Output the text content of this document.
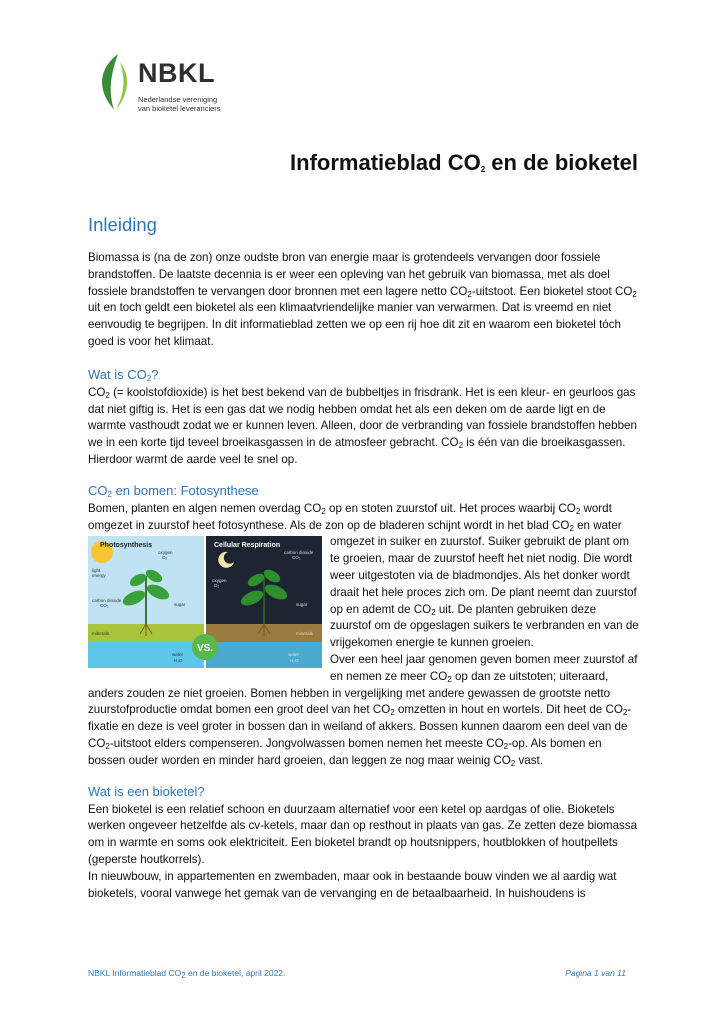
NBKL
Nederlandse vereniging
van bioketel leveranciers
Informatieblad $CO_2$ en de bioketel
Inleiding

Biomassa is (na de zon) onze oudste bron van energie maar is grotendeels vervangen door fossiele brandstoffen. De laatste decennia is er weer een opleving van het gebruik van biomassa, met als doel fossiele brandstoffen te vervangen door bronnen met een lagere netto $CO_2$-uitstoot. Een bioketel stoot $CO_2$ uit en toch geldt een bioketel als een klimaatvriendelijke manier van verwarmen. Dat is vreemd en niet eenvoudig te begrijpen. In dit informatieblad zetten we op een rij hoe dit zit en waarom een bioketel tóch goed is voor het klimaat.

Wat is $CO_2$?

$CO_2$ (= koolstofdioxide) is het best bekend van de bubbeltjes in frisdrank. Het is een kleur- en geurloos gas dat niet giftig is. Het is een gas dat we nodig hebben omdat het als een deken om de aarde ligt en de warmte vasthoudt zodat we er kunnen leven. Alleen, door de verbranding van fossiele brandstoffen hebben we in een korte tijd teveel broeikasgassen in de atmosfeer gebracht. $CO_2$ is één van die broeikasgassen. Hierdoor warmt de aarde veel te snel op.

$CO_2$ en bomen: Fotosynthese

Bomen, planten en algen nemen overdag $CO_2$ op en stoten zuurstof uit. Het proces waarbij $CO_2$ wordt omgezet in zuurstof heet fotosynthese. Als de zon op de bladeren schijnt wordt in het blad $CO_2$
VS.
Photosynthesis	Cellular Respiration
oxygen
O₂
light
energy
carbon dioxide
CO₂	sugar
minerals
water
H₂O
carbon dioxide
CO₂
oxygen
O₂
sugar
minerals
water
H₂O
en water omgezet in suiker en zuurstof. Suiker gebruikt de plant om te groeien, maar de zuurstof heeft het niet nodig. Die wordt weer uitgestoten via de bladmondjes. Als het donker wordt draait het hele proces zich om. De plant neemt dan zuurstof op en ademt de $CO_2$ uit. De planten gebruiken deze zuurstof om de opgeslagen suikers te verbranden en van de vrijgekomen energie te kunnen groeien.

Over een heel jaar genomen geven bomen meer zuurstof af en nemen ze meer $CO_2$ op dan ze uitstoten; uiteraard, anders zouden ze niet groeien. Bomen hebben in vergelijking met andere gewassen de grootste netto zuurstofproductie omdat bomen een groot deel van het $CO_2$ omzetten in hout en wortels. Dit heet de $CO_2$-fixatie en deze is veel groter in bossen dan in weiland of akkers. Bossen kunnen daarom een deel van de $CO_2$-uitstoot elders compenseren. Jongvolwassen bomen nemen het meeste $CO_2-op$. Als bomen en bossen ouder worden en minder hard groeien, dan leggen ze nog maar weinig $CO_2$ vast.

Wat is een bioketel?

Een bioketel is een relatief schoon en duurzaam alternatief voor een ketel op aardgas of olie. Bioketels werken ongeveer hetzelfde als cv-ketels, maar dan op resthout in plaats van gas. Ze zetten deze biomassa om in warmte en soms ook elektriciteit. Een bioketel brandt op houtsnippers, houtblokken of houtpellets (geperste houtkorrels).

In nieuwbouw, in appartementen en zwembaden, maar ook in bestaande bouw vinden we al aardig wat bioketels, vooral vanwege het gemak van de vervanging en de betaalbaarheid. In huishoudens is

NBKL Informatieblad $CO_2$ en de bioketel, april 2022.	Pagina 1 van 11
